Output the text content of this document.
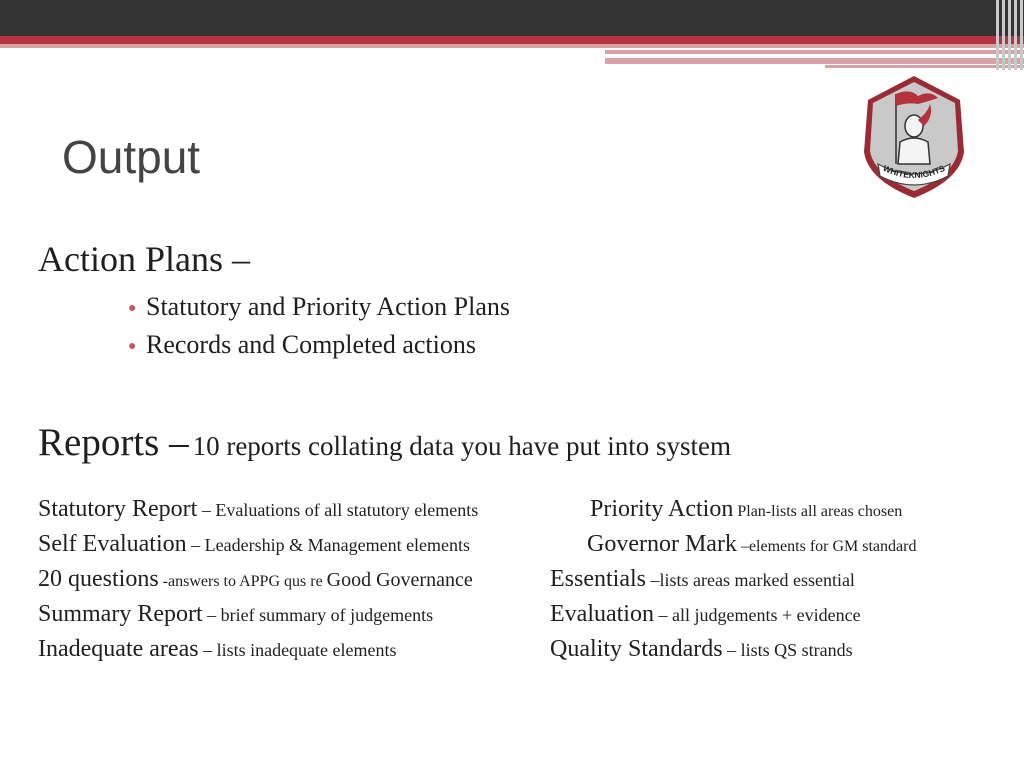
Output	WHITEKNIGHTS
Action Plans –
● Statutory and Priority Action Plans
● Records and Completed actions
Reports – 10 reports collating data you have put into system
Statutory Report – Evaluations of all statutory elements
Self Evaluation – Leadership & Management elements
20 questions -answers to APPG qus re Good Governance
Summary Report – brief summary of judgements
Inadequate areas – lists inadequate elements
Priority Action Plan-lists all areas chosen
Governor Mark –elements for GM standard
Essentials –lists areas marked essential
Evaluation – all judgements + evidence
Quality Standards – lists QS strands
